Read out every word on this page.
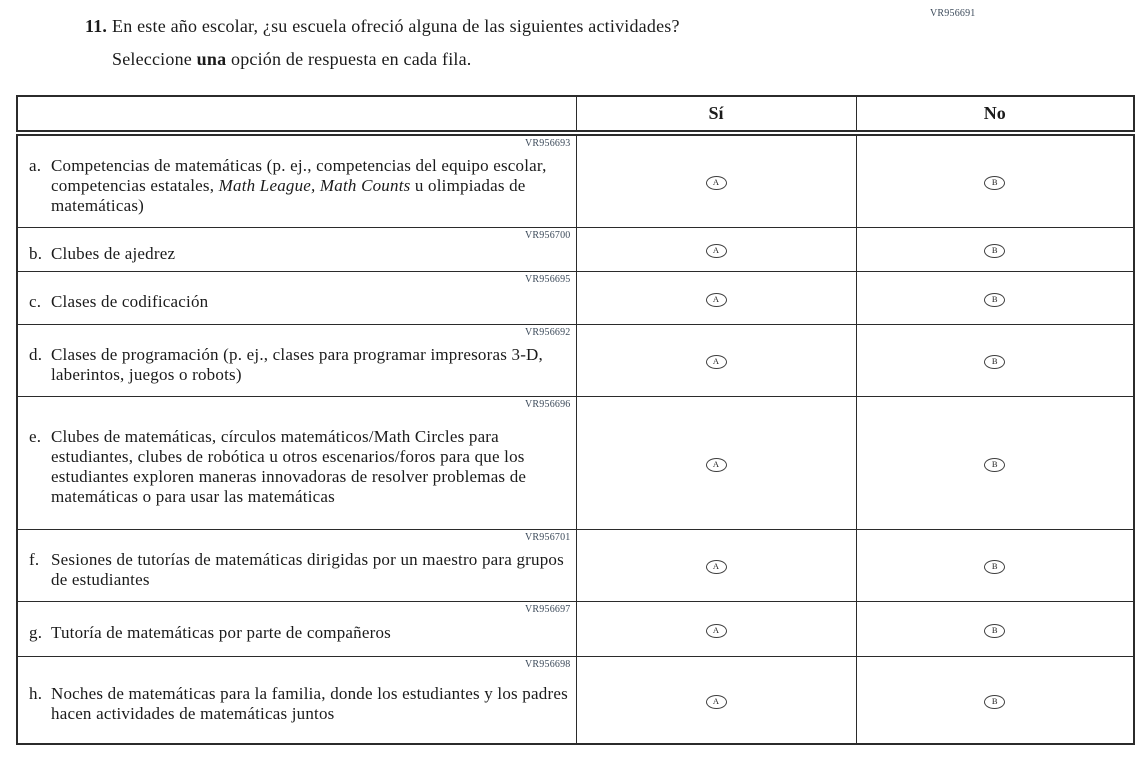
VR956691
11. En este año escolar, ¿su escuela ofreció alguna de las siguientes actividades?
Seleccione una opción de respuesta en cada fila.
	Sí	No

VR956693
a. Competencias de matemáticas (p. ej., competencias del equipo escolar, competencias estatales, Math League, Math Counts u olimpiadas de matemáticas)	A	B

VR956700
b. Clubes de ajedrez	A	B

VR956695
c. Clases de codificación	A	B

VR956692
d. Clases de programación (p. ej., clases para programar impresoras 3-D, laberintos, juegos o robots)	A	B

VR956696
e. Clubes de matemáticas, círculos matemáticos/Math Circles para estudiantes, clubes de robótica u otros escenarios/foros para que los estudiantes exploren maneras innovadoras de resolver problemas de matemáticas o para usar las matemáticas	A	B

VR956701
f. Sesiones de tutorías de matemáticas dirigidas por un maestro para grupos de estudiantes	A	B

VR956697
g. Tutoría de matemáticas por parte de compañeros	A	B

VR956698
h. Noches de matemáticas para la familia, donde los estudiantes y los padres hacen actividades de matemáticas juntos	A	B
